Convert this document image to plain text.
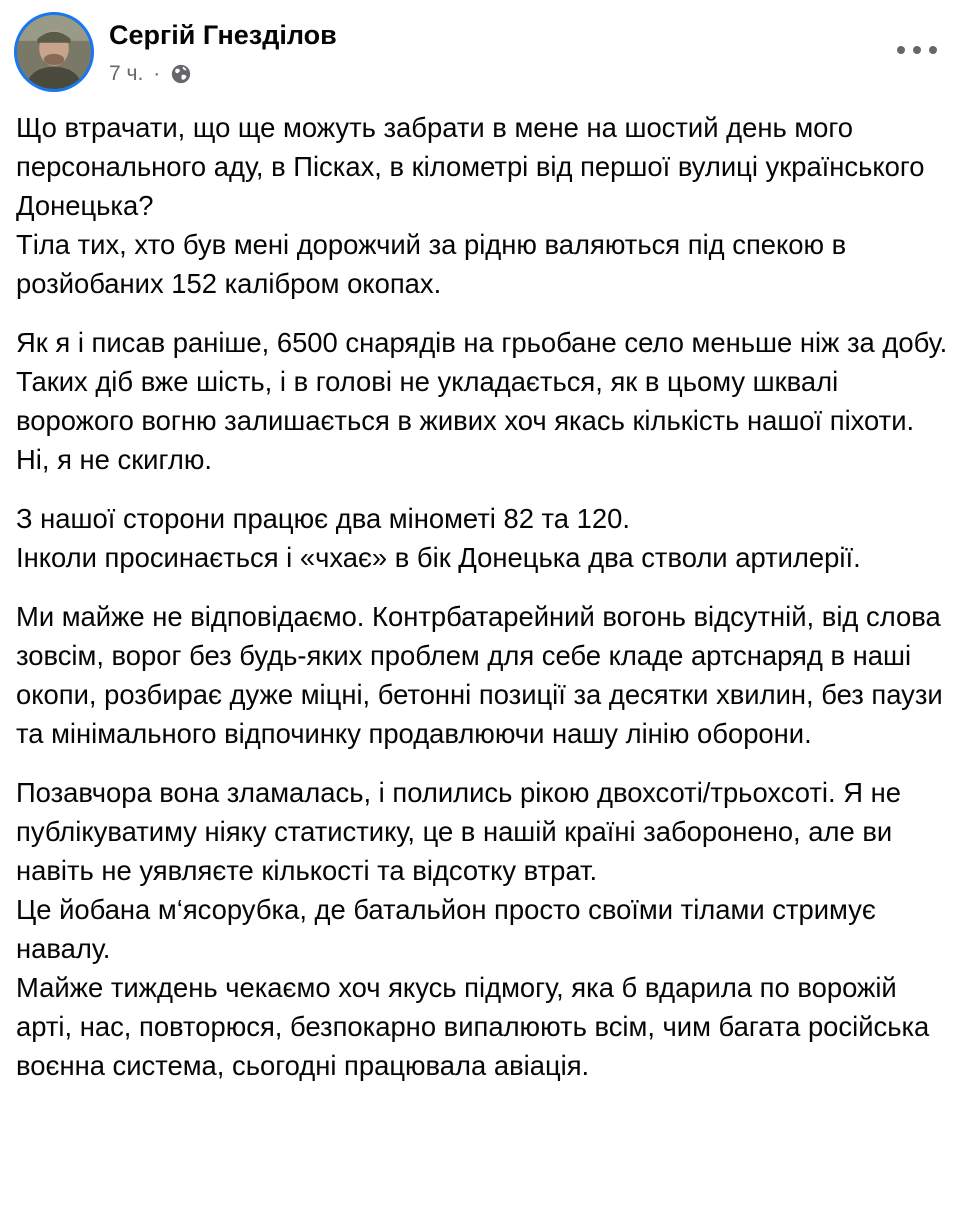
Сергій Гнезділов
7 ч. ·

Що втрачати, що ще можуть забрати в мене на шостий день мого персонального аду, в Пісках, в кілометрі від першої вулиці українського Донецька?
Тіла тих, хто був мені дорожчий за рідню валяються під спекою в розйобаних 152 калібром окопах.

Як я і писав раніше, 6500 снарядів на грьобане село меньше ніж за добу.
Таких діб вже шість, і в голові не укладається, як в цьому шквалі ворожого вогню залишається в живих хоч якась кількість нашої піхоти.
Ні, я не скиглю.

З нашої сторони працює два мінометі 82 та 120.
Інколи просинається і «чхає» в бік Донецька два стволи артилерії.

Ми майже не відповідаємо. Контрбатарейний вогонь відсутній, від слова зовсім, ворог без будь-яких проблем для себе кладе артснаряд в наші окопи, розбирає дуже міцні, бетонні позиції за десятки хвилин, без паузи та мінімального відпочинку продавлюючи нашу лінію оборони.

Позавчора вона зламалась, і полились рікою двохсоті/трьохсоті. Я не публікуватиму ніяку статистику, це в нашій країні заборонено, але ви навіть не уявляєте кількості та відсотку втрат.
Це йобана м‘ясорубка, де батальйон просто своїми тілами стримує навалу.
Майже тиждень чекаємо хоч якусь підмогу, яка б вдарила по ворожій арті, нас, повторюся, безпокарно випалюють всім, чим багата російська воєнна система, сьогодні працювала авіація.
